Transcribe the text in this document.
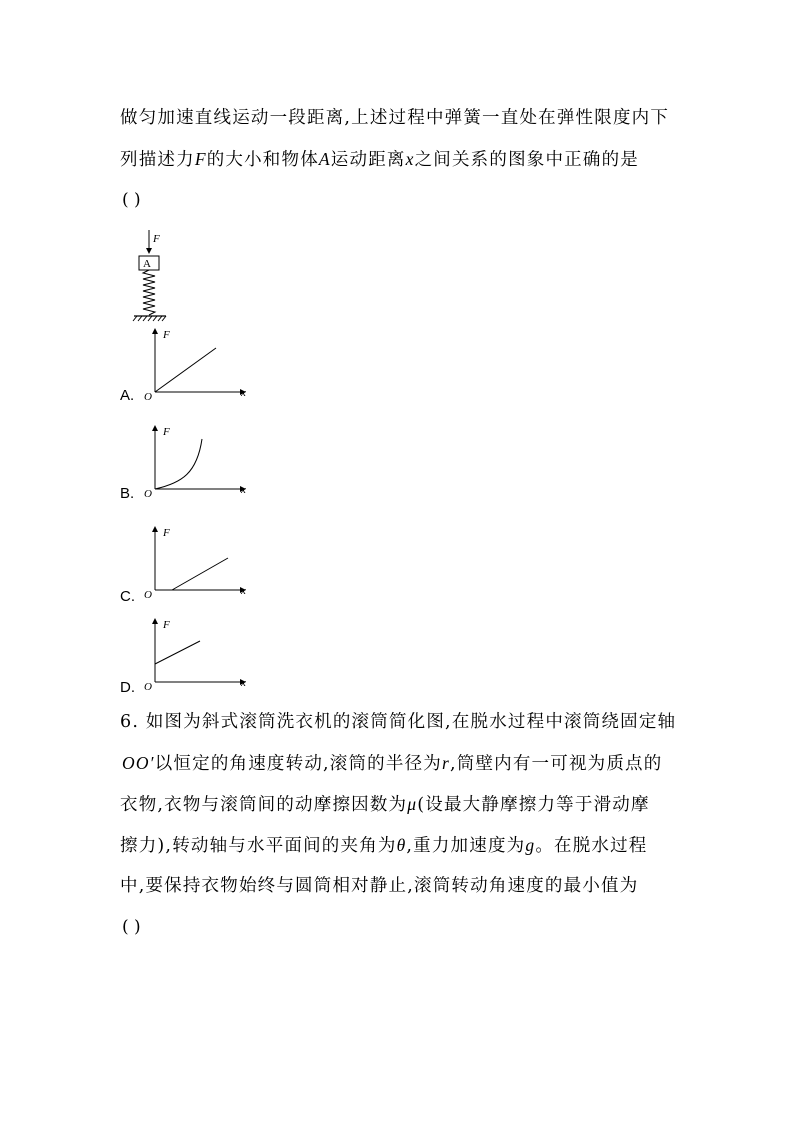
做匀加速直线运动一段距离,上述过程中弹簧一直处在弹性限度内下
列描述力F的大小和物体A运动距离x之间关系的图象中正确的是
( )
F
A
A.
F
x
O
B.
F
x
O
C.
F
x
O
D.
F
x
O
6. 如图为斜式滚筒洗衣机的滚筒简化图,在脱水过程中滚筒绕固定轴
OO′以恒定的角速度转动,滚筒的半径为r,筒壁内有一可视为质点的
衣物,衣物与滚筒间的动摩擦因数为μ(设最大静摩擦力等于滑动摩
擦力),转动轴与水平面间的夹角为θ,重力加速度为g。在脱水过程
中,要保持衣物始终与圆筒相对静止,滚筒转动角速度的最小值为
( )
